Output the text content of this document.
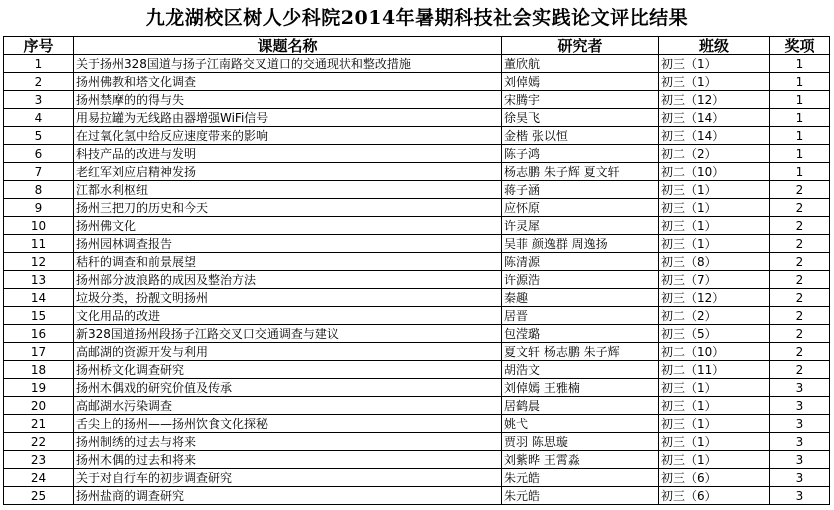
九龙湖校区树人少科院2014年暑期科技社会实践论文评比结果
序号	课题名称	研究者	班级	奖项
1	关于扬州328国道与扬子江南路交叉道口的交通现状和整改措施	董欣航	初三（1）	1
2	扬州佛教和塔文化调查	刘倬嫣	初三（1）	1
3	扬州禁摩的的得与失	宋腾宇	初三（12）	1
4	用易拉罐为无线路由器增强WiFi信号	徐昊飞	初三（14）	1
5	在过氧化氢中给反应速度带来的影响	金楷 张以恒	初三（14）	1
6	科技产品的改进与发明	陈子鸿	初二（2）	1
7	老红军刘应启精神发扬	杨志鹏 朱子辉 夏文轩	初二（10）	1
8	江都水利枢纽	蒋子涵	初三（1）	2
9	扬州三把刀的历史和今天	应怀原	初三（1）	2
10	扬州佛文化	许灵犀	初三（1）	2
11	扬州园林调查报告	吴菲 颜逸群 周逸扬	初三（1）	2
12	秸秆的调查和前景展望	陈清源	初三（8）	2
13	扬州部分波浪路的成因及整治方法	许源浩	初三（7）	2
14	垃圾分类，扮靓文明扬州	秦趣	初三（12）	2
15	文化用品的改进	居晋	初二（2）	2
16	新328国道扬州段扬子江路交叉口交通调查与建议	包滢璐	初三（5）	2
17	高邮湖的资源开发与利用	夏文轩 杨志鹏 朱子辉	初二（10）	2
18	扬州桥文化调查研究	胡浩文	初二（11）	2
19	扬州木偶戏的研究价值及传承	刘倬嫣 王雅楠	初三（1）	3
20	高邮湖水污染调查	居鹤晨	初三（1）	3
21	舌尖上的扬州——扬州饮食文化探秘	姚弋	初三（1）	3
22	扬州制绣的过去与将来	贾羽 陈思璇	初三（1）	3
23	扬州木偶的过去和将来	刘紫晔 王霄淼	初三（1）	3
24	关于对自行车的初步调查研究	朱元皓	初三（6）	3
25	扬州盐商的调查研究	朱元皓	初三（6）	3
